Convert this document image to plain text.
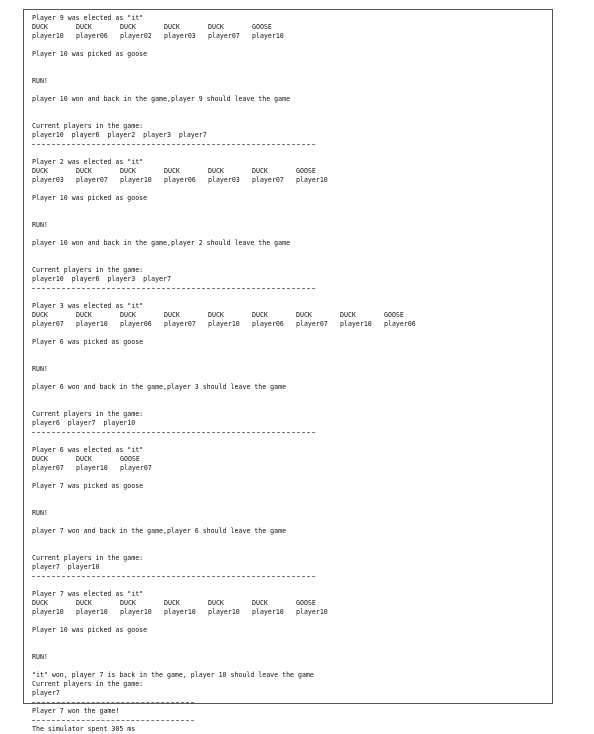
Player 9 was elected as "it"
DUCK	DUCK	DUCK	DUCK	DUCK	GOOSE
player10 player06 player02 player03 player07 player10
Player 10 was picked as goose
RUN!
player 10 won and back in the game,player 9 should leave the game
Current players in the game:
player10  player6  player2  player3  player7
Player 2 was elected as "it"
DUCK	DUCK	DUCK	DUCK	DUCK	DUCK	GOOSE
player03 player07 player10 player06 player03 player07 player10
Player 10 was picked as goose
RUN!
player 10 won and back in the game,player 2 should leave the game
Current players in the game:
player10  player6  player3  player7
Player 3 was elected as "it"
DUCK	DUCK	DUCK	DUCK	DUCK	DUCK	DUCK	DUCK	GOOSE
player07 player10 player06 player07 player10 player06 player07 player10 player06
Player 6 was picked as goose
RUN!
player 6 won and back in the game,player 3 should leave the game
Current players in the game:
player6  player7  player10
Player 6 was elected as "it"
DUCK	DUCK	GOOSE
player07 player10 player07
Player 7 was picked as goose
RUN!
player 7 won and back in the game,player 6 should leave the game
Current players in the game:
player7  player10
Player 7 was elected as "it"
DUCK	DUCK	DUCK	DUCK	DUCK	DUCK	GOOSE
player10 player10 player10 player10 player10 player10 player10
Player 10 was picked as goose
RUN!
"it" won, player 7 is back in the game, player 10 should leave the game
Current players in the game:
player7
Player 7 won the game!
The simulator spent 305 ms
